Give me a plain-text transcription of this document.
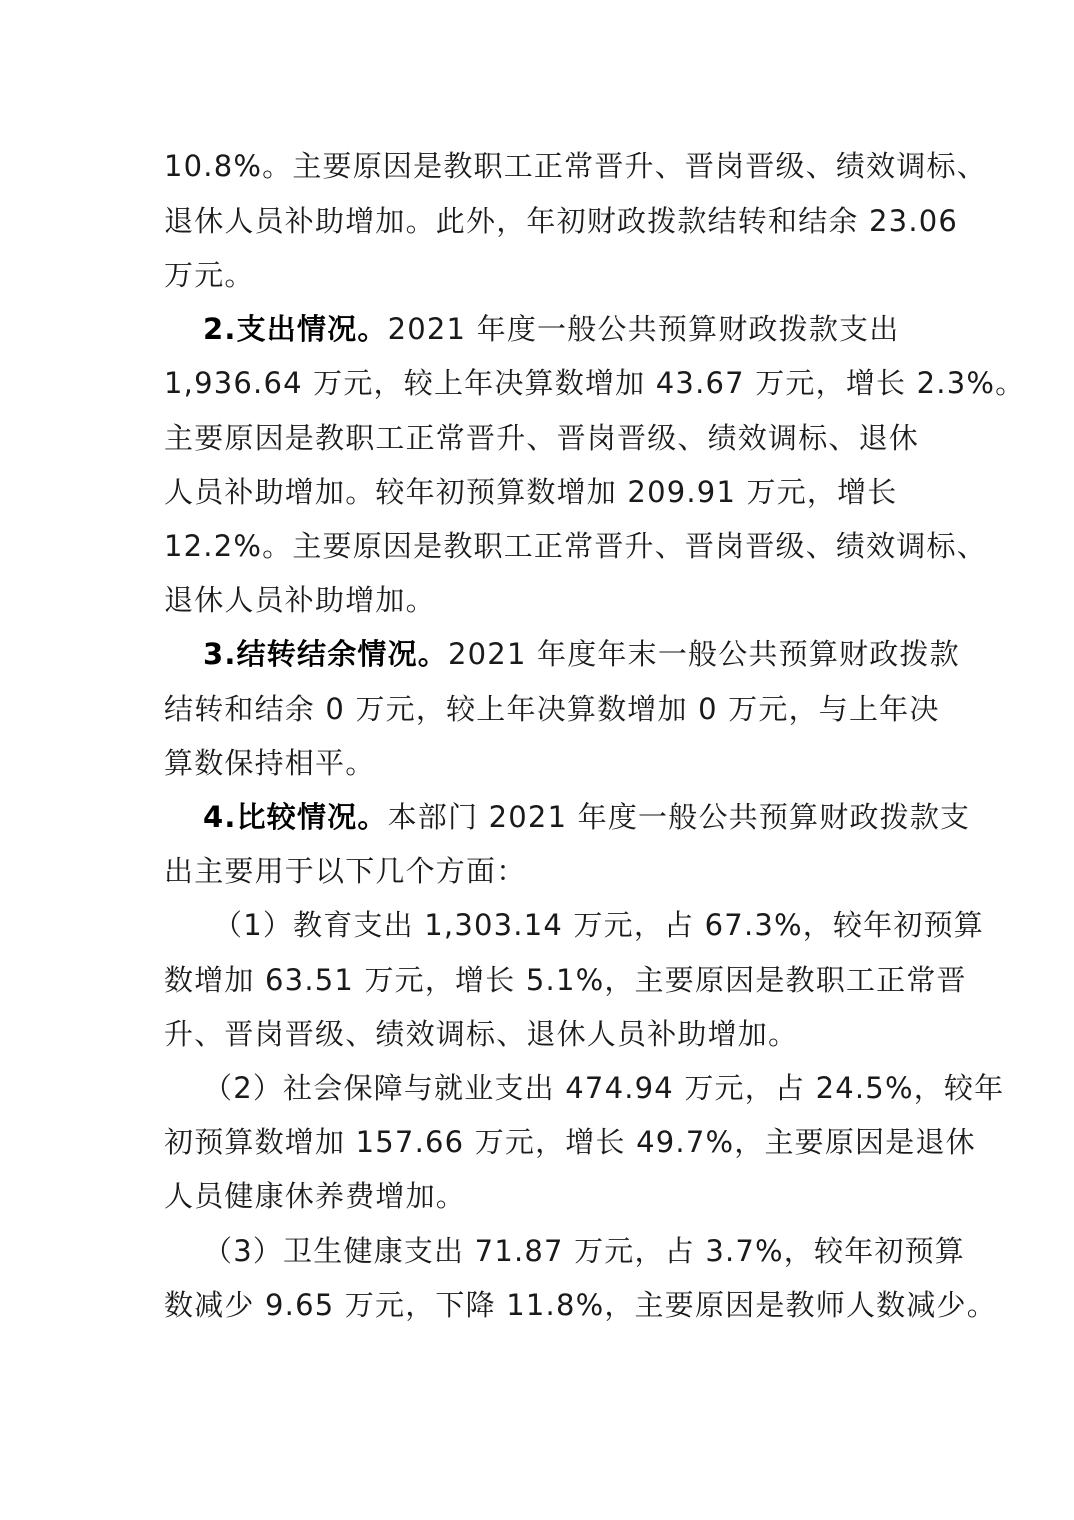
10.8%。主要原因是教职工正常晋升、晋岗晋级、绩效调标、
退休人员补助增加。此外，年初财政拨款结转和结余 23.06
万元。
2.支出情况。2021 年度一般公共预算财政拨款支出
1,936.64 万元，较上年决算数增加 43.67 万元，增长 2.3%。
主要原因是教职工正常晋升、晋岗晋级、绩效调标、退休
人员补助增加。较年初预算数增加 209.91 万元，增长
12.2%。主要原因是教职工正常晋升、晋岗晋级、绩效调标、
退休人员补助增加。
3.结转结余情况。2021 年度年末一般公共预算财政拨款
结转和结余 0 万元，较上年决算数增加 0 万元，与上年决
算数保持相平。
4.比较情况。本部门 2021 年度一般公共预算财政拨款支
出主要用于以下几个方面：
（1）教育支出 1,303.14 万元，占 67.3%，较年初预算
数增加 63.51 万元，增长 5.1%，主要原因是教职工正常晋
升、晋岗晋级、绩效调标、退休人员补助增加。
（2）社会保障与就业支出 474.94 万元，占 24.5%，较年
初预算数增加 157.66 万元，增长 49.7%，主要原因是退休
人员健康休养费增加。
（3）卫生健康支出 71.87 万元，占 3.7%，较年初预算
数减少 9.65 万元，下降 11.8%，主要原因是教师人数减少。
